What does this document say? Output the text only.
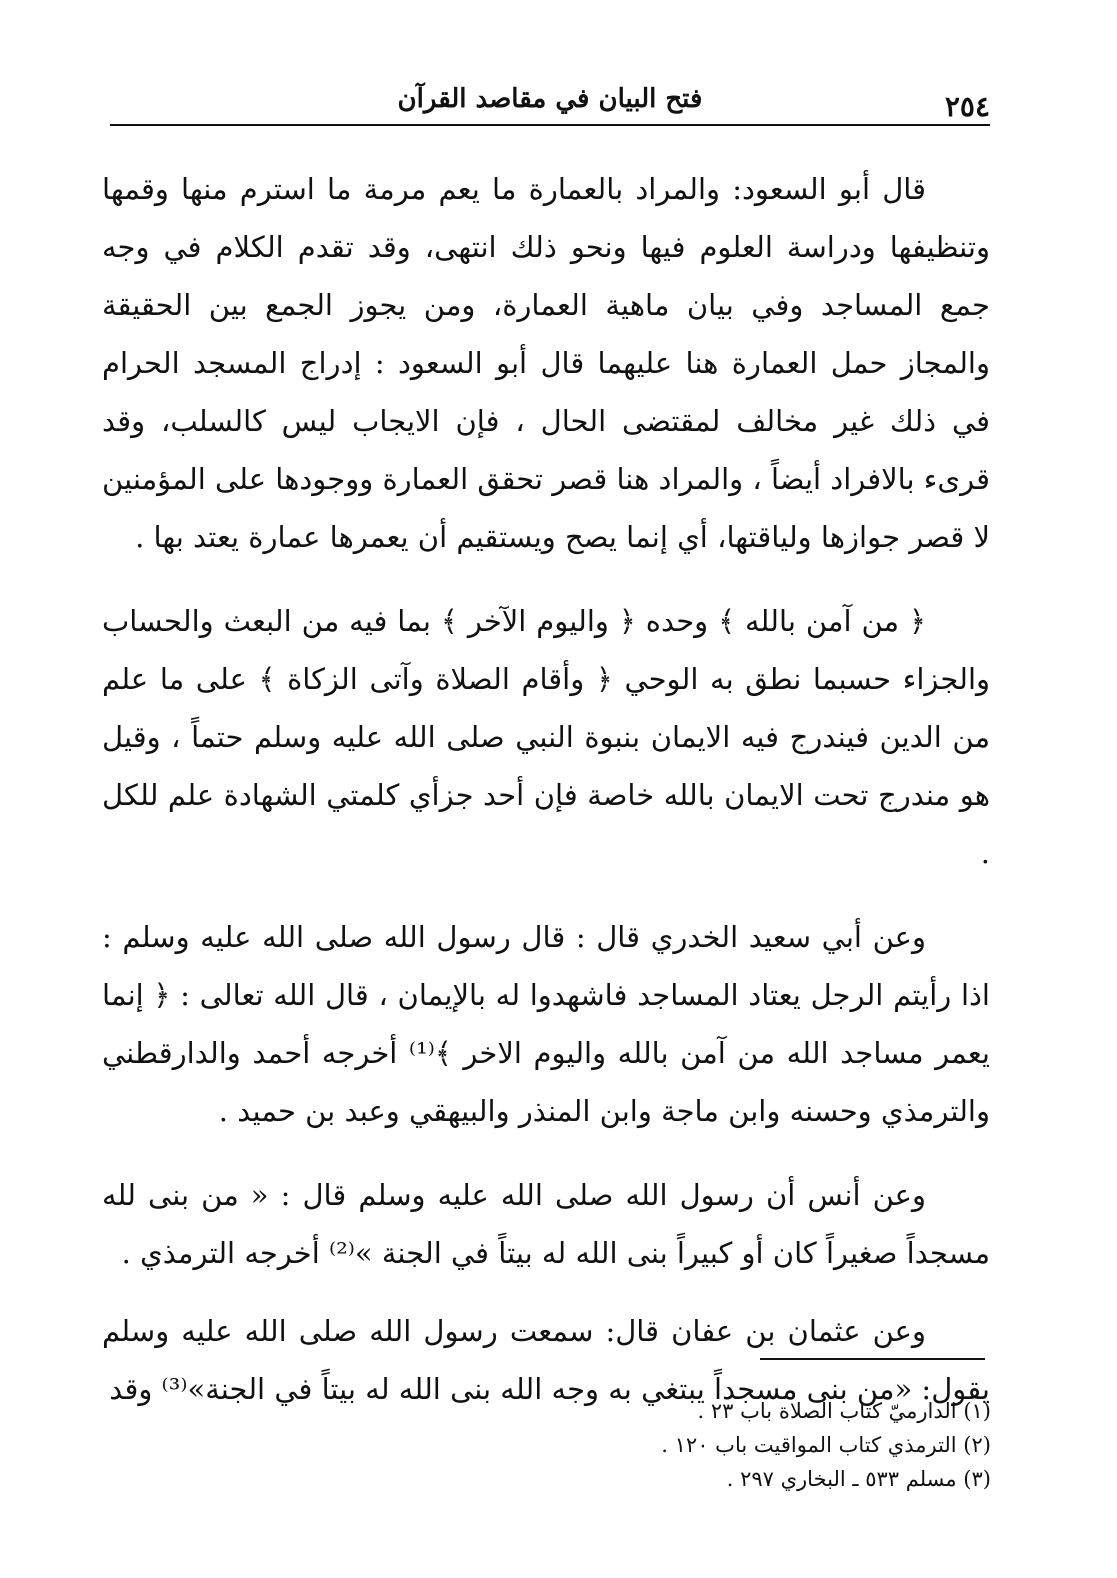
٢٥٤
فتح البيان في مقاصد القرآن

قال أبو السعود: والمراد بالعمارة ما يعم مرمة ما استرم منها وقمها وتنظيفها ودراسة العلوم فيها ونحو ذلك انتهى، وقد تقدم الكلام في وجه جمع المساجد وفي بيان ماهية العمارة، ومن يجوز الجمع بين الحقيقة والمجاز حمل العمارة هنا عليهما قال أبو السعود : إدراج المسجد الحرام في ذلك غير مخالف لمقتضى الحال ، فإن الايجاب ليس كالسلب، وقد قرىء بالافراد أيضاً ، والمراد هنا قصر تحقق العمارة ووجودها على المؤمنين لا قصر جوازها ولياقتها، أي إنما يصح ويستقيم أن يعمرها عمارة يعتد بها .

﴿ من آمن بالله ﴾ وحده ﴿ واليوم الآخر ﴾ بما فيه من البعث والحساب والجزاء حسبما نطق به الوحي ﴿ وأقام الصلاة وآتى الزكاة ﴾ على ما علم من الدين فيندرج فيه الايمان بنبوة النبي صلى الله عليه وسلم حتماً ، وقيل هو مندرج تحت الايمان بالله خاصة فإن أحد جزأي كلمتي الشهادة علم للكل .

وعن أبي سعيد الخدري قال : قال رسول الله صلى الله عليه وسلم : اذا رأيتم الرجل يعتاد المساجد فاشهدوا له بالإيمان ، قال الله تعالى : ﴿ إنما يعمر مساجد الله من آمن بالله واليوم الاخر ﴾⁽¹⁾ أخرجه أحمد والدارقطني والترمذي وحسنه وابن ماجة وابن المنذر والبيهقي وعبد بن حميد .

وعن أنس أن رسول الله صلى الله عليه وسلم قال : « من بنى لله مسجداً صغيراً كان أو كبيراً بنى الله له بيتاً في الجنة »⁽²⁾ أخرجه الترمذي .

وعن عثمان بن عفان قال: سمعت رسول الله صلى الله عليه وسلم يقول: «من بنى مسجداً يبتغي به وجه الله بنى الله له بيتاً في الجنة»⁽³⁾ وقد

(١) الدارميّ كتاب الصلاة باب ٢٣ .
(٢) الترمذي كتاب المواقيت باب ١٢٠ .
(٣) مسلم ٥٣٣ ـ البخاري ٢٩٧ .
